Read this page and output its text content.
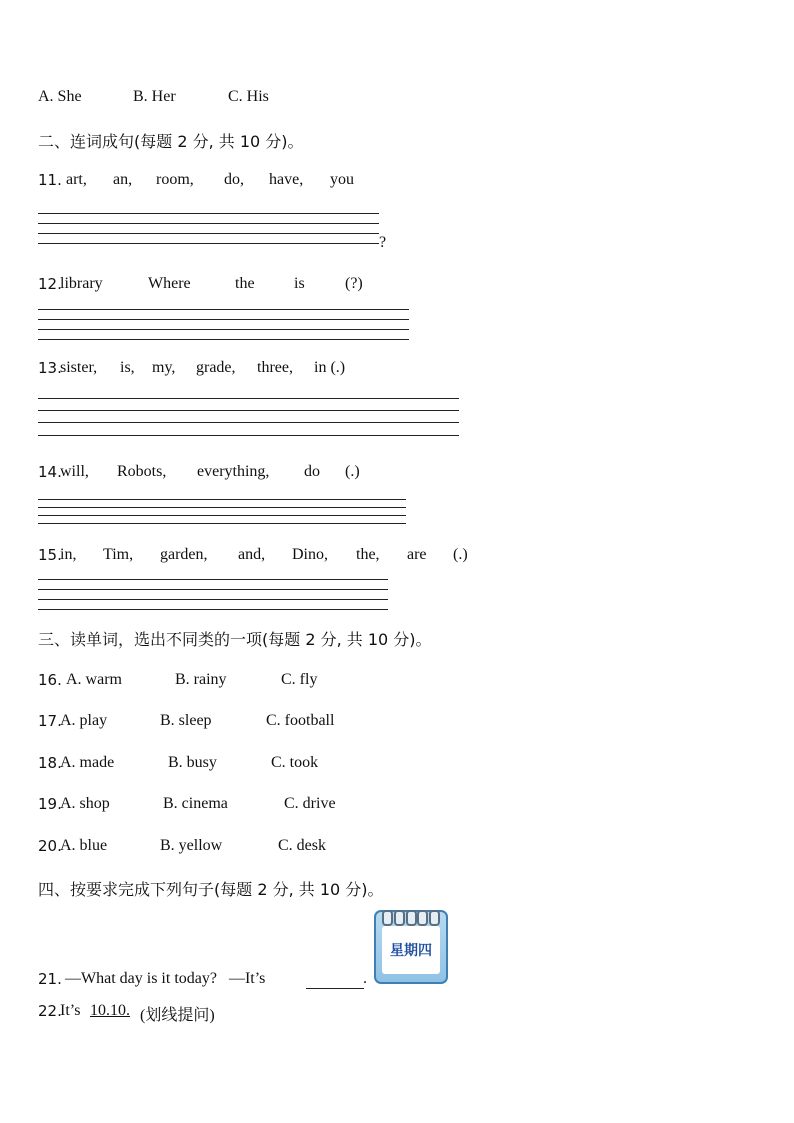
A. She	B. Her	C. His
二、连词成句(每题 2 分, 共 10 分)。
11. art, an, room, do, have, you
?
12.
library	Where	the is	(?)
13.
sister, is, my, grade, three, in (.)
14.
will, Robots, everything, do (.)
15.
in, Tim, garden, and, Dino, the, are (.)
三、读单词，选出不同类的一项(每题 2 分, 共 10 分)。
16. A. warm	B. rainy	C. fly
17.
A. play	B. sleep	C. football
18.
A. made	B. busy	C. took
19.
A. shop	B. cinema	C. drive
20.
A. blue	B. yellow	C. desk
四、按要求完成下列句子(每题 2 分, 共 10 分)。
星期四
21. —What day is it today?   —It’s	.
22.
It’s 10.10. (划线提问)
